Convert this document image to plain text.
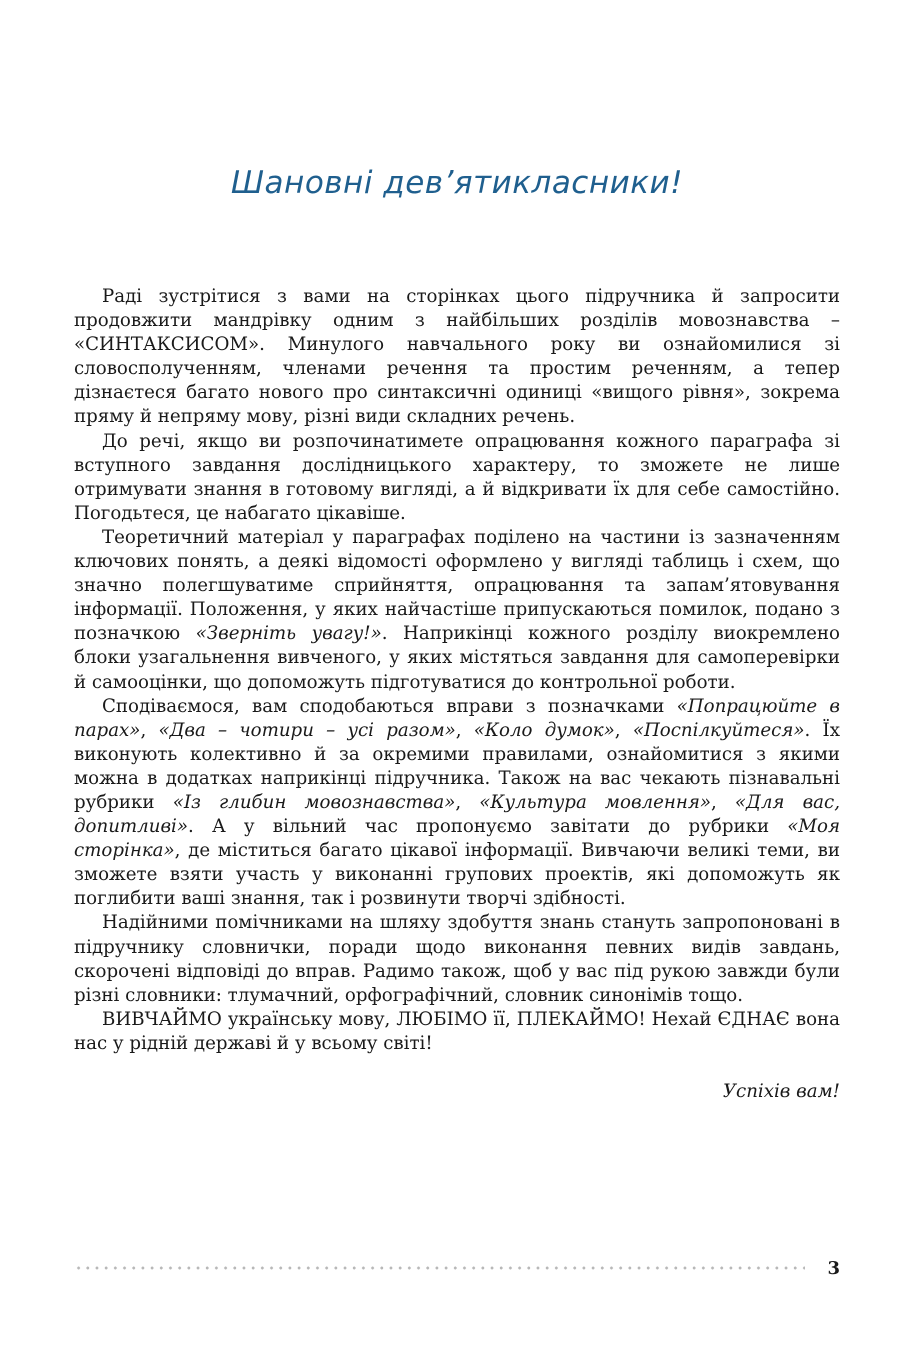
Шановні дев’ятикласники!

Раді зустрітися з вами на сторінках цього підручника й запросити продовжити мандрівку одним з найбільших розділів мовознавства – «СИНТАКСИСОМ». Минулого навчального року ви ознайомилися зі словосполученням, членами речення та простим реченням, а тепер дізнаєтеся багато нового про синтаксичні одиниці «вищого рівня», зокрема пряму й непряму мову, різні види складних речень.

До речі, якщо ви розпочинатимете опрацювання кожного параграфа зі вступного завдання дослідницького характеру, то зможете не лише отримувати знання в готовому вигляді, а й відкривати їх для себе самостійно. Погодьтеся, це набагато цікавіше.

Теоретичний матеріал у параграфах поділено на частини із зазначенням ключових понять, а деякі відомості оформлено у вигляді таблиць і схем, що значно полегшуватиме сприйняття, опрацювання та запам’ятовування інформації. Положення, у яких найчастіше припускаються помилок, подано з позначкою «Зверніть увагу!». Наприкінці кожного розділу виокремлено блоки узагальнення вивченого, у яких містяться завдання для самоперевірки й самооцінки, що допоможуть підготуватися до контрольної роботи.

Сподіваємося, вам сподобаються вправи з позначками «Попрацюйте в парах», «Два – чотири – усі разом», «Коло думок», «Поспілкуйтеся». Їх виконують колективно й за окремими правилами, ознайомитися з якими можна в додатках наприкінці підручника. Також на вас чекають пізнавальні рубрики «Із глибин мовознавства», «Культура мовлення», «Для вас, допитливі». А у вільний час пропонуємо завітати до рубрики «Моя сторінка», де міститься багато цікавої інформації. Вивчаючи великі теми, ви зможете взяти участь у виконанні групових проектів, які допоможуть як поглибити ваші знання, так і розвинути творчі здібності.

Надійними помічниками на шляху здобуття знань стануть запропоновані в підручнику словнички, поради щодо виконання певних видів завдань, скорочені відповіді до вправ. Радимо також, щоб у вас під рукою завжди були різні словники: тлумачний, орфографічний, словник синонімів тощо.

ВИВЧАЙМО українську мову, ЛЮБІМО її, ПЛЕКАЙМО! Нехай ЄДНАЄ вона нас у рідній державі й у всьому світі!

Успіхів вам!
3
